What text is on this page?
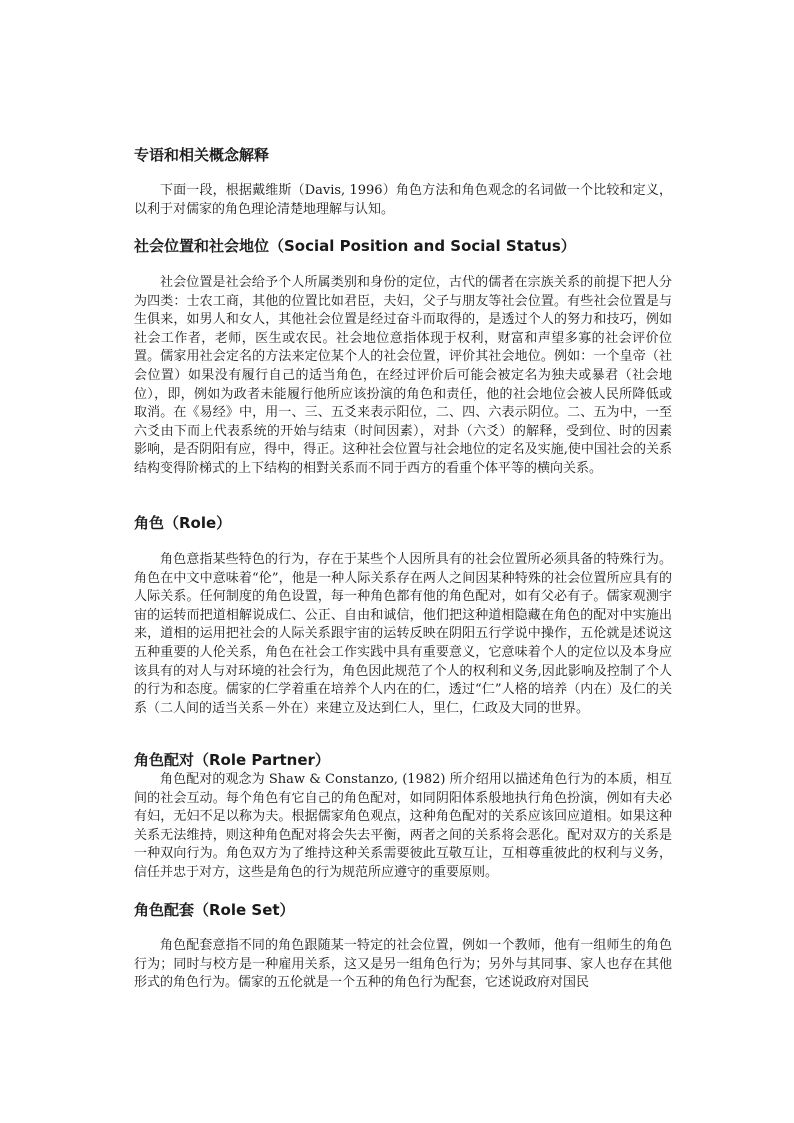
专语和相关概念解释

下面一段，根据戴维斯（Davis, 1996）角色方法和角色观念的名词做一个比较和定义，以利于对儒家的角色理论清楚地理解与认知。

社会位置和社会地位（Social Position and Social Status）

社会位置是社会给予个人所属类别和身份的定位，古代的儒者在宗族关系的前提下把人分为四类：士农工商，其他的位置比如君臣，夫妇，父子与朋友等社会位置。有些社会位置是与生俱来，如男人和女人，其他社会位置是经过奋斗而取得的，是透过个人的努力和技巧，例如社会工作者，老师，医生或农民。社会地位意指体现于权利，财富和声望多寡的社会评价位置。儒家用社会定名的方法来定位某个人的社会位置，评价其社会地位。例如：一个皇帝（社会位置）如果没有履行自己的适当角色，在经过评价后可能会被定名为独夫或暴君（社会地位），即，例如为政者未能履行他所应该扮演的角色和责任，他的社会地位会被人民所降低或取消。在《易经》中，用一、三、五爻来表示阳位，二、四、六表示阴位。二、五为中，一至六爻由下而上代表系统的开始与结束（时间因素），对卦（六爻）的解释，受到位、时的因素影响，是否阴阳有应，得中，得正。这种社会位置与社会地位的定名及实施,使中国社会的关系结构变得阶梯式的上下结构的相對关系而不同于西方的看重个体平等的横向关系。

角色（Role）

角色意指某些特色的行为，存在于某些个人因所具有的社会位置所必须具备的特殊行为。角色在中文中意味着“伦”，他是一种人际关系存在两人之间因某种特殊的社会位置所应具有的人际关系。任何制度的角色设置，每一种角色都有他的角色配对，如有父必有子。儒家观测宇宙的运转而把道相解说成仁、公正、自由和诚信，他们把这种道相隐藏在角色的配对中实施出来，道相的运用把社会的人际关系跟宇宙的运转反映在阴阳五行学说中操作，五伦就是述说这五种重要的人伦关系，角色在社会工作实践中具有重要意义，它意味着个人的定位以及本身应该具有的对人与对环境的社会行为，角色因此规范了个人的权利和义务,因此影响及控制了个人的行为和态度。儒家的仁学着重在培养个人内在的仁，透过“仁”人格的培养（内在）及仁的关系（二人间的适当关系－外在）来建立及达到仁人，里仁，仁政及大同的世界。

角色配对（Role Partner）

角色配对的观念为 Shaw & Constanzo, (1982) 所介绍用以描述角色行为的本质，相互间的社会互动。每个角色有它自己的角色配对，如同阴阳体系般地执行角色扮演，例如有夫必有妇，无妇不足以称为夫。根据儒家角色观点，这种角色配对的关系应该回应道相。如果这种关系无法维持，则这种角色配对将会失去平衡，两者之间的关系将会恶化。配对双方的关系是一种双向行为。角色双方为了维持这种关系需要彼此互敬互让，互相尊重彼此的权利与义务，信任并忠于对方，这些是角色的行为规范所应遵守的重要原则。

角色配套（Role Set）

角色配套意指不同的角色跟随某一特定的社会位置，例如一个教师，他有一组师生的角色行为；同时与校方是一种雇用关系，这又是另一组角色行为；另外与其同事、家人也存在其他形式的角色行为。儒家的五伦就是一个五种的角色行为配套，它述说政府对国民
